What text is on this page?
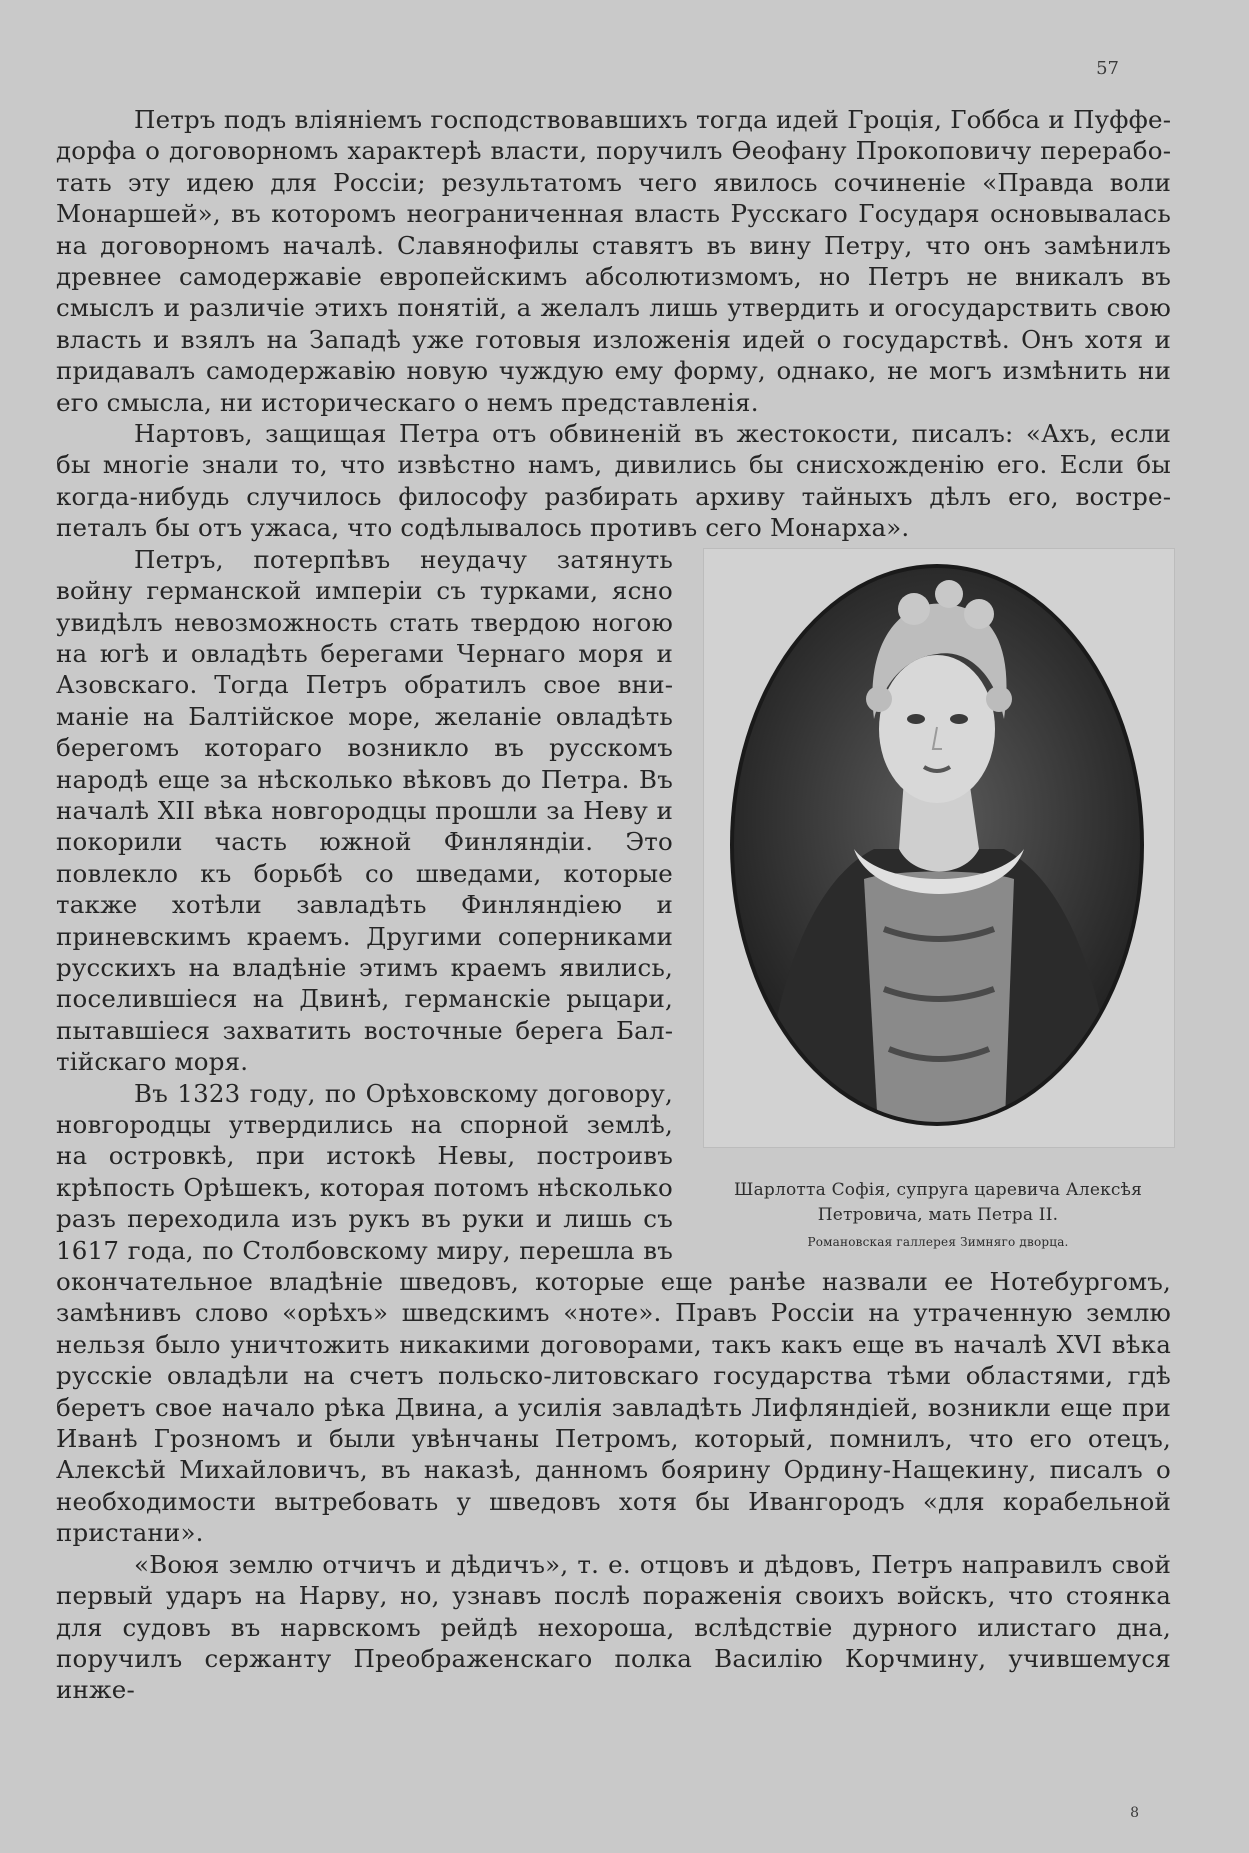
57

Петръ подъ вліяніемъ господствовавшихъ тогда идей Гроція, Гоббса и Пуффедорфа о договорномъ характерѣ власти, поручилъ Ѳеофану Прокоповичу переработать эту идею для Россіи; результатомъ чего явилось сочиненіе «Правда воли Монаршей», въ которомъ неограниченная власть Русскаго Государя основывалась на договорномъ началѣ. Славянофилы ставятъ въ вину Петру, что онъ замѣнилъ древнее самодержавіе европейскимъ абсолютизмомъ, но Петръ не вникалъ въ смыслъ и различіе этихъ понятій, а желалъ лишь утвердить и огосударствить свою власть и взялъ на Западѣ уже готовыя изложенія идей о государствѣ. Онъ хотя и придавалъ самодержавію новую чуждую ему форму, однако, не могъ измѣнить ни его смысла, ни историческаго о немъ представленія.

Нартовъ, защищая Петра отъ обвиненій въ жестокости, писалъ: «Ахъ, если бы многіе знали то, что извѣстно намъ, дивились бы снисхожденію его. Если бы когда-нибудь случилось философу разбирать архиву тайныхъ дѣлъ его, вострепеталъ бы отъ ужаса, что содѣлывалось противъ сего Монарха».

Шарлотта Софія, супруга царевича Алексѣя
Петровича, мать Петра II.
Романовская галлерея Зимняго дворца.

Петръ, потерпѣвъ неудачу затянуть войну германской имперіи съ турками, ясно увидѣлъ невозможность стать твердою ногою на югѣ и овладѣть берегами Чернаго моря и Азовскаго. Тогда Петръ обратилъ свое вниманіе на Балтійское море, желаніе овладѣть берегомъ котораго возникло въ русскомъ народѣ еще за нѣсколько вѣковъ до Петра. Въ началѣ XII вѣка новгородцы прошли за Неву и покорили часть южной Финляндіи. Это повлекло къ борьбѣ со шведами, которые также хотѣли завладѣть Финляндіею и приневскимъ краемъ. Другими соперниками русскихъ на владѣніе этимъ краемъ явились, поселившіеся на Двинѣ, германскіе рыцари, пытавшіеся захватить восточные берега Балтійскаго моря.

Въ 1323 году, по Орѣховскому договору, новгородцы утвердились на спорной землѣ, на островкѣ, при истокѣ Невы, построивъ крѣпость Орѣшекъ, которая потомъ нѣсколько разъ переходила изъ рукъ въ руки и лишь съ 1617 года, по Столбовскому миру, перешла въ окончательное владѣніе шведовъ, которые еще ранѣе назвали ее Нотебургомъ, замѣнивъ слово «орѣхъ» шведскимъ «ноте». Правъ Россіи на утраченную землю нельзя было уничтожить никакими договорами, такъ какъ еще въ началѣ XVI вѣка русскіе овладѣли на счетъ польско-литовскаго государства тѣми областями, гдѣ беретъ свое начало рѣка Двина, а усилія завладѣть Лифляндіей, возникли еще при Иванѣ Грозномъ и были увѣнчаны Петромъ, который, помнилъ, что его отецъ, Алексѣй Михайловичъ, въ наказѣ, данномъ боярину Ордину-Нащекину, писалъ о необходимости вытребовать у шведовъ хотя бы Ивангородъ «для корабельной пристани».

«Воюя землю отчичъ и дѣдичъ», т. е. отцовъ и дѣдовъ, Петръ направилъ свой первый ударъ на Нарву, но, узнавъ послѣ пораженія своихъ войскъ, что стоянка для судовъ въ нарвскомъ рейдѣ нехороша, вслѣдствіе дурного илистаго дна, поручилъ сержанту Преображенскаго полка Василію Корчмину, учившемуся инже-

8
